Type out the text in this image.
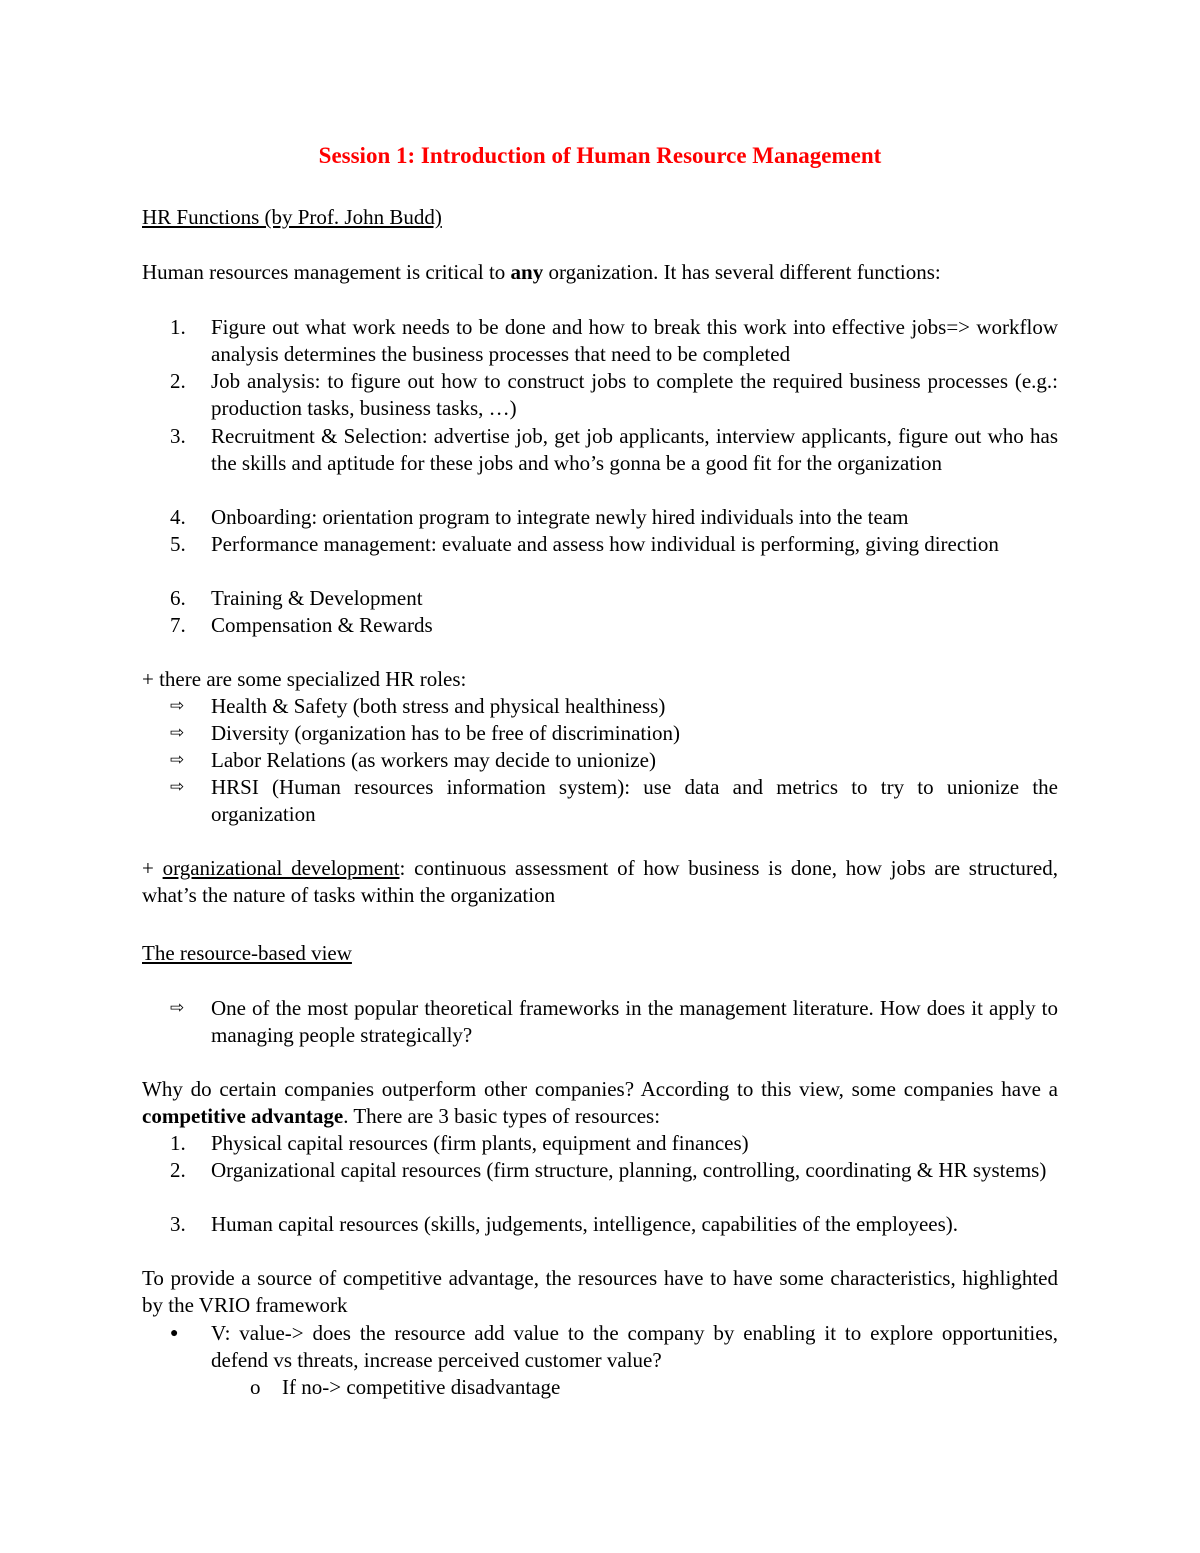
Session 1: Introduction of Human Resource Management

HR Functions (by Prof. John Budd)

Human resources management is critical to any organization. It has several different functions:

1.	Figure out what work needs to be done and how to break this work into effective jobs=> workflow analysis determines the business processes that need to be completed
2.	Job analysis: to figure out how to construct jobs to complete the required business processes (e.g.: production tasks, business tasks, …)
3.	Recruitment & Selection: advertise job, get job applicants, interview applicants, figure out who has the skills and aptitude for these jobs and who’s gonna be a good fit for the organization
4.	Onboarding: orientation program to integrate newly hired individuals into the team
5.	Performance management: evaluate and assess how individual is performing, giving direction
6.	Training & Development
7.	Compensation & Rewards

+ there are some specialized HR roles:

⇨	Health & Safety (both stress and physical healthiness)
⇨	Diversity (organization has to be free of discrimination)
⇨	Labor Relations (as workers may decide to unionize)
⇨	HRSI (Human resources information system): use data and metrics to try to unionize the organization

+ organizational development: continuous assessment of how business is done, how jobs are structured, what’s the nature of tasks within the organization

The resource-based view

⇨	One of the most popular theoretical frameworks in the management literature. How does it apply to managing people strategically?

Why do certain companies outperform other companies? According to this view, some companies have a competitive advantage. There are 3 basic types of resources:

1.	Physical capital resources (firm plants, equipment and finances)
2.	Organizational capital resources (firm structure, planning, controlling, coordinating & HR systems)
3.	Human capital resources (skills, judgements, intelligence, capabilities of the employees).

To provide a source of competitive advantage, the resources have to have some characteristics, highlighted by the VRIO framework

●	V: value-> does the resource add value to the company by enabling it to explore opportunities, defend vs threats, increase perceived customer value?
o	If no-> competitive disadvantage
